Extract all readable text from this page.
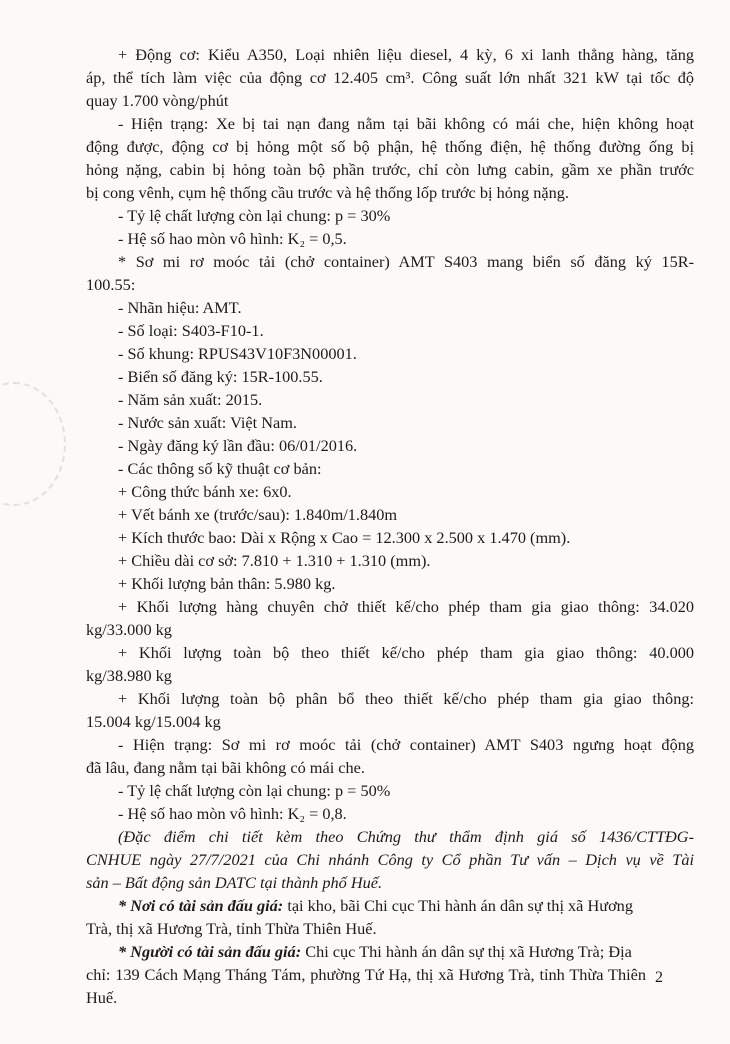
+ Động cơ: Kiểu A350, Loại nhiên liệu diesel, 4 kỳ, 6 xi lanh thẳng hàng, tăng
áp, thể tích làm việc của động cơ 12.405 cm³. Công suất lớn nhất 321 kW tại tốc độ
quay 1.700 vòng/phút
- Hiện trạng: Xe bị tai nạn đang nằm tại bãi không có mái che, hiện không hoạt
động được, động cơ bị hỏng một số bộ phận, hệ thống điện, hệ thống đường ống bị
hỏng nặng, cabin bị hỏng toàn bộ phần trước, chỉ còn lưng cabin, gầm xe phần trước
bị cong vênh, cụm hệ thống cầu trước và hệ thống lốp trước bị hỏng nặng.
- Tỷ lệ chất lượng còn lại chung: p = 30%
- Hệ số hao mòn vô hình: K₂ = 0,5.
* Sơ mi rơ moóc tải (chở container) AMT S403 mang biển số đăng ký 15R-
100.55:
- Nhãn hiệu: AMT.
- Số loại: S403-F10-1.
- Số khung: RPUS43V10F3N00001.
- Biển số đăng ký: 15R-100.55.
- Năm sản xuất: 2015.
- Nước sản xuất: Việt Nam.
- Ngày đăng ký lần đầu: 06/01/2016.
- Các thông số kỹ thuật cơ bản:
+ Công thức bánh xe: 6x0.
+ Vết bánh xe (trước/sau): 1.840m/1.840m
+ Kích thước bao: Dài x Rộng x Cao = 12.300 x 2.500 x 1.470 (mm).
+ Chiều dài cơ sở: 7.810 + 1.310 + 1.310 (mm).
+ Khối lượng bản thân: 5.980 kg.
+ Khối lượng hàng chuyên chở thiết kế/cho phép tham gia giao thông: 34.020
kg/33.000 kg
+ Khối lượng toàn bộ theo thiết kế/cho phép tham gia giao thông: 40.000
kg/38.980 kg
+ Khối lượng toàn bộ phân bổ theo thiết kế/cho phép tham gia giao thông:
15.004 kg/15.004 kg
- Hiện trạng: Sơ mi rơ moóc tải (chở container) AMT S403 ngưng hoạt động
đã lâu, đang nằm tại bãi không có mái che.
- Tỷ lệ chất lượng còn lại chung: p = 50%
- Hệ số hao mòn vô hình: K₂ = 0,8.
(Đặc điểm chi tiết kèm theo Chứng thư thẩm định giá số 1436/CTTĐG-
CNHUE ngày 27/7/2021 của Chi nhánh Công ty Cổ phần Tư vấn – Dịch vụ về Tài
sản – Bất động sản DATC tại thành phố Huế.
* Nơi có tài sản đấu giá: tại kho, bãi Chi cục Thi hành án dân sự thị xã Hương
Trà, thị xã Hương Trà, tỉnh Thừa Thiên Huế.
* Người có tài sản đấu giá: Chi cục Thi hành án dân sự thị xã Hương Trà; Địa
chỉ: 139 Cách Mạng Tháng Tám, phường Tứ Hạ, thị xã Hương Trà, tỉnh Thừa Thiên
Huế.
2
